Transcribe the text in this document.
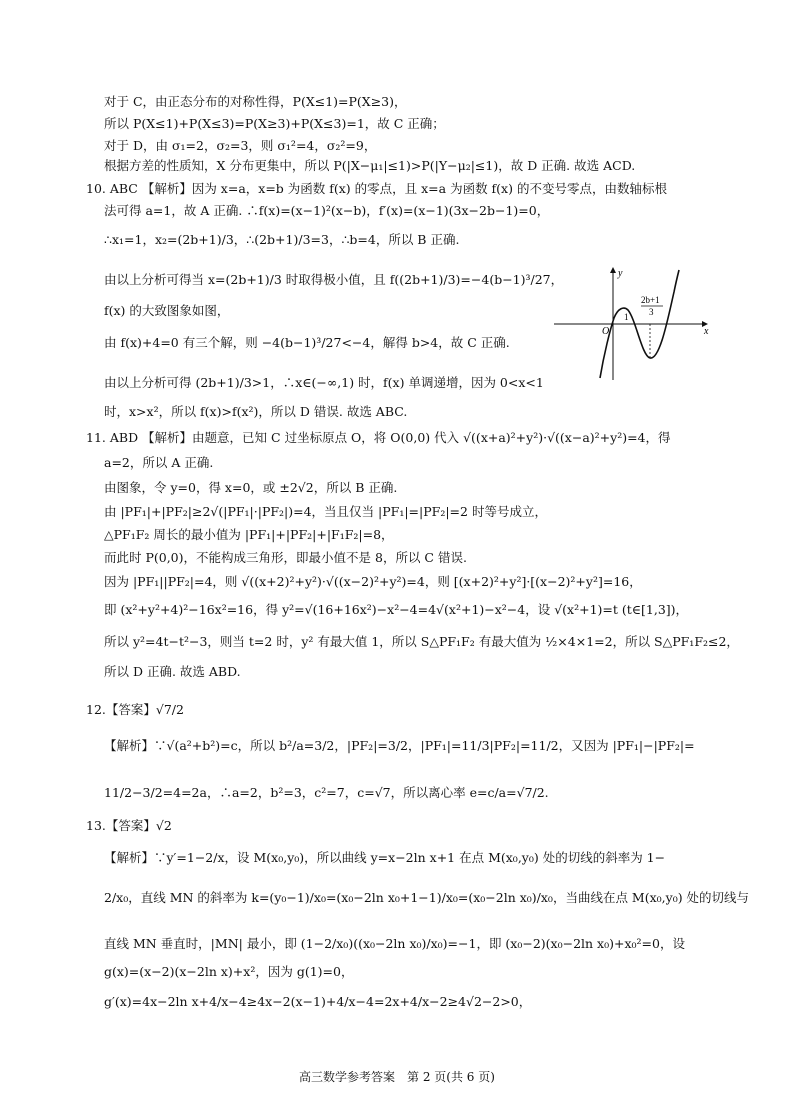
对于 C，由正态分布的对称性得，P(X≤1)=P(X≥3)，
所以 P(X≤1)+P(X≤3)=P(X≥3)+P(X≤3)=1，故 C 正确；
对于 D，由 σ₁=2，σ₂=3，则 σ₁²=4，σ₂²=9，
根据方差的性质知，X 分布更集中，所以 P(|X−μ₁|≤1)>P(|Y−μ₂|≤1)，故 D 正确. 故选 ACD.
10. ABC 【解析】因为 x=a，x=b 为函数 f(x) 的零点，且 x=a 为函数 f(x) 的不变号零点，由数轴标根
法可得 a=1，故 A 正确. ∴f(x)=(x−1)²(x−b)，f′(x)=(x−1)(3x−2b−1)=0，
∴x₁=1，x₂=(2b+1)/3，∴(2b+1)/3=3，∴b=4，所以 B 正确.
由以上分析可得当 x=(2b+1)/3 时取得极小值，且 f((2b+1)/3)=−4(b−1)³/27，
f(x) 的大致图象如图，
由 f(x)+4=0 有三个解，则 −4(b−1)³/27<−4，解得 b>4，故 C 正确.
由以上分析可得 (2b+1)/3>1，∴x∈(−∞,1) 时，f(x) 单调递增，因为 0<x<1
时，x>x²，所以 f(x)>f(x²)，所以 D 错误. 故选 ABC.
11. ABD 【解析】由题意，已知 C 过坐标原点 O，将 O(0,0) 代入 √((x+a)²+y²)·√((x−a)²+y²)=4，得
a=2，所以 A 正确.
由图象，令 y=0，得 x=0，或 ±2√2，所以 B 正确.
由 |PF₁|+|PF₂|≥2√(|PF₁|·|PF₂|)=4，当且仅当 |PF₁|=|PF₂|=2 时等号成立，
△PF₁F₂ 周长的最小值为 |PF₁|+|PF₂|+|F₁F₂|=8，
而此时 P(0,0)，不能构成三角形，即最小值不是 8，所以 C 错误.
因为 |PF₁||PF₂|=4，则 √((x+2)²+y²)·√((x−2)²+y²)=4，则 [(x+2)²+y²]·[(x−2)²+y²]=16，
即 (x²+y²+4)²−16x²=16，得 y²=√(16+16x²)−x²−4=4√(x²+1)−x²−4，设 √(x²+1)=t (t∈[1,3])，
所以 y²=4t−t²−3，则当 t=2 时，y² 有最大值 1，所以 S△PF₁F₂ 有最大值为 ½×4×1=2，所以 S△PF₁F₂≤2，
所以 D 正确. 故选 ABD.
12.【答案】√7/2
【解析】∵√(a²+b²)=c，所以 b²/a=3/2，|PF₂|=3/2，|PF₁|=11/3|PF₂|=11/2，又因为 |PF₁|−|PF₂|=
11/2−3/2=4=2a，∴a=2，b²=3，c²=7，c=√7，所以离心率 e=c/a=√7/2.
13.【答案】√2
【解析】∵y′=1−2/x，设 M(x₀,y₀)，所以曲线 y=x−2ln x+1 在点 M(x₀,y₀) 处的切线的斜率为 1−
2/x₀，直线 MN 的斜率为 k=(y₀−1)/x₀=(x₀−2ln x₀+1−1)/x₀=(x₀−2ln x₀)/x₀，当曲线在点 M(x₀,y₀) 处的切线与
直线 MN 垂直时，|MN| 最小，即 (1−2/x₀)((x₀−2ln x₀)/x₀)=−1，即 (x₀−2)(x₀−2ln x₀)+x₀²=0，设
g(x)=(x−2)(x−2ln x)+x²，因为 g(1)=0，
g′(x)=4x−2ln x+4/x−4≥4x−2(x−1)+4/x−4=2x+4/x−2≥4√2−2>0，
y
x
O
1
2b+1
3
高三数学参考答案　第 2 页(共 6 页)
